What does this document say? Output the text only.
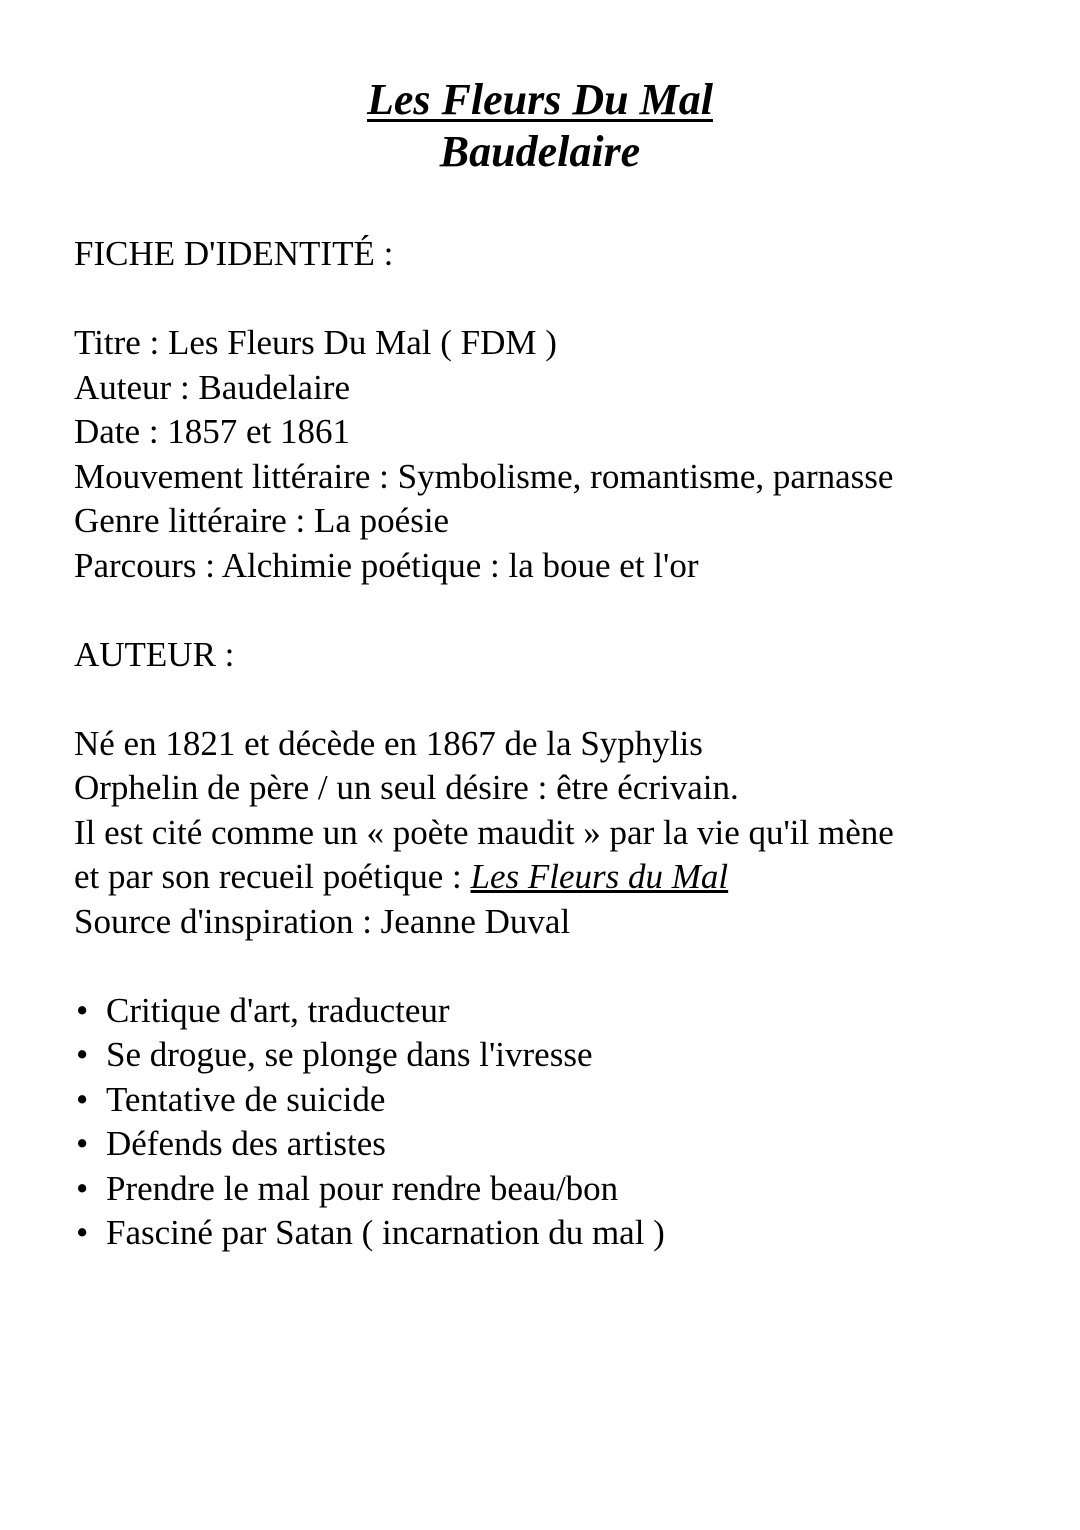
Les Fleurs Du Mal
Baudelaire

FICHE D'IDENTITÉ :

Titre : Les Fleurs Du Mal ( FDM )

Auteur : Baudelaire

Date : 1857 et 1861

Mouvement littéraire : Symbolisme, romantisme, parnasse

Genre littéraire : La poésie

Parcours : Alchimie poétique : la boue et l'or

AUTEUR :

Né en 1821 et décède en 1867 de la Syphylis

Orphelin de père / un seul désire : être écrivain.

Il est cité comme un « poète maudit » par la vie qu'il mène

et par son recueil poétique : Les Fleurs du Mal

Source d'inspiration : Jeanne Duval

• Critique d'art, traducteur
• Se drogue, se plonge dans l'ivresse
• Tentative de suicide
• Défends des artistes
• Prendre le mal pour rendre beau/bon
• Fasciné par Satan ( incarnation du mal )
